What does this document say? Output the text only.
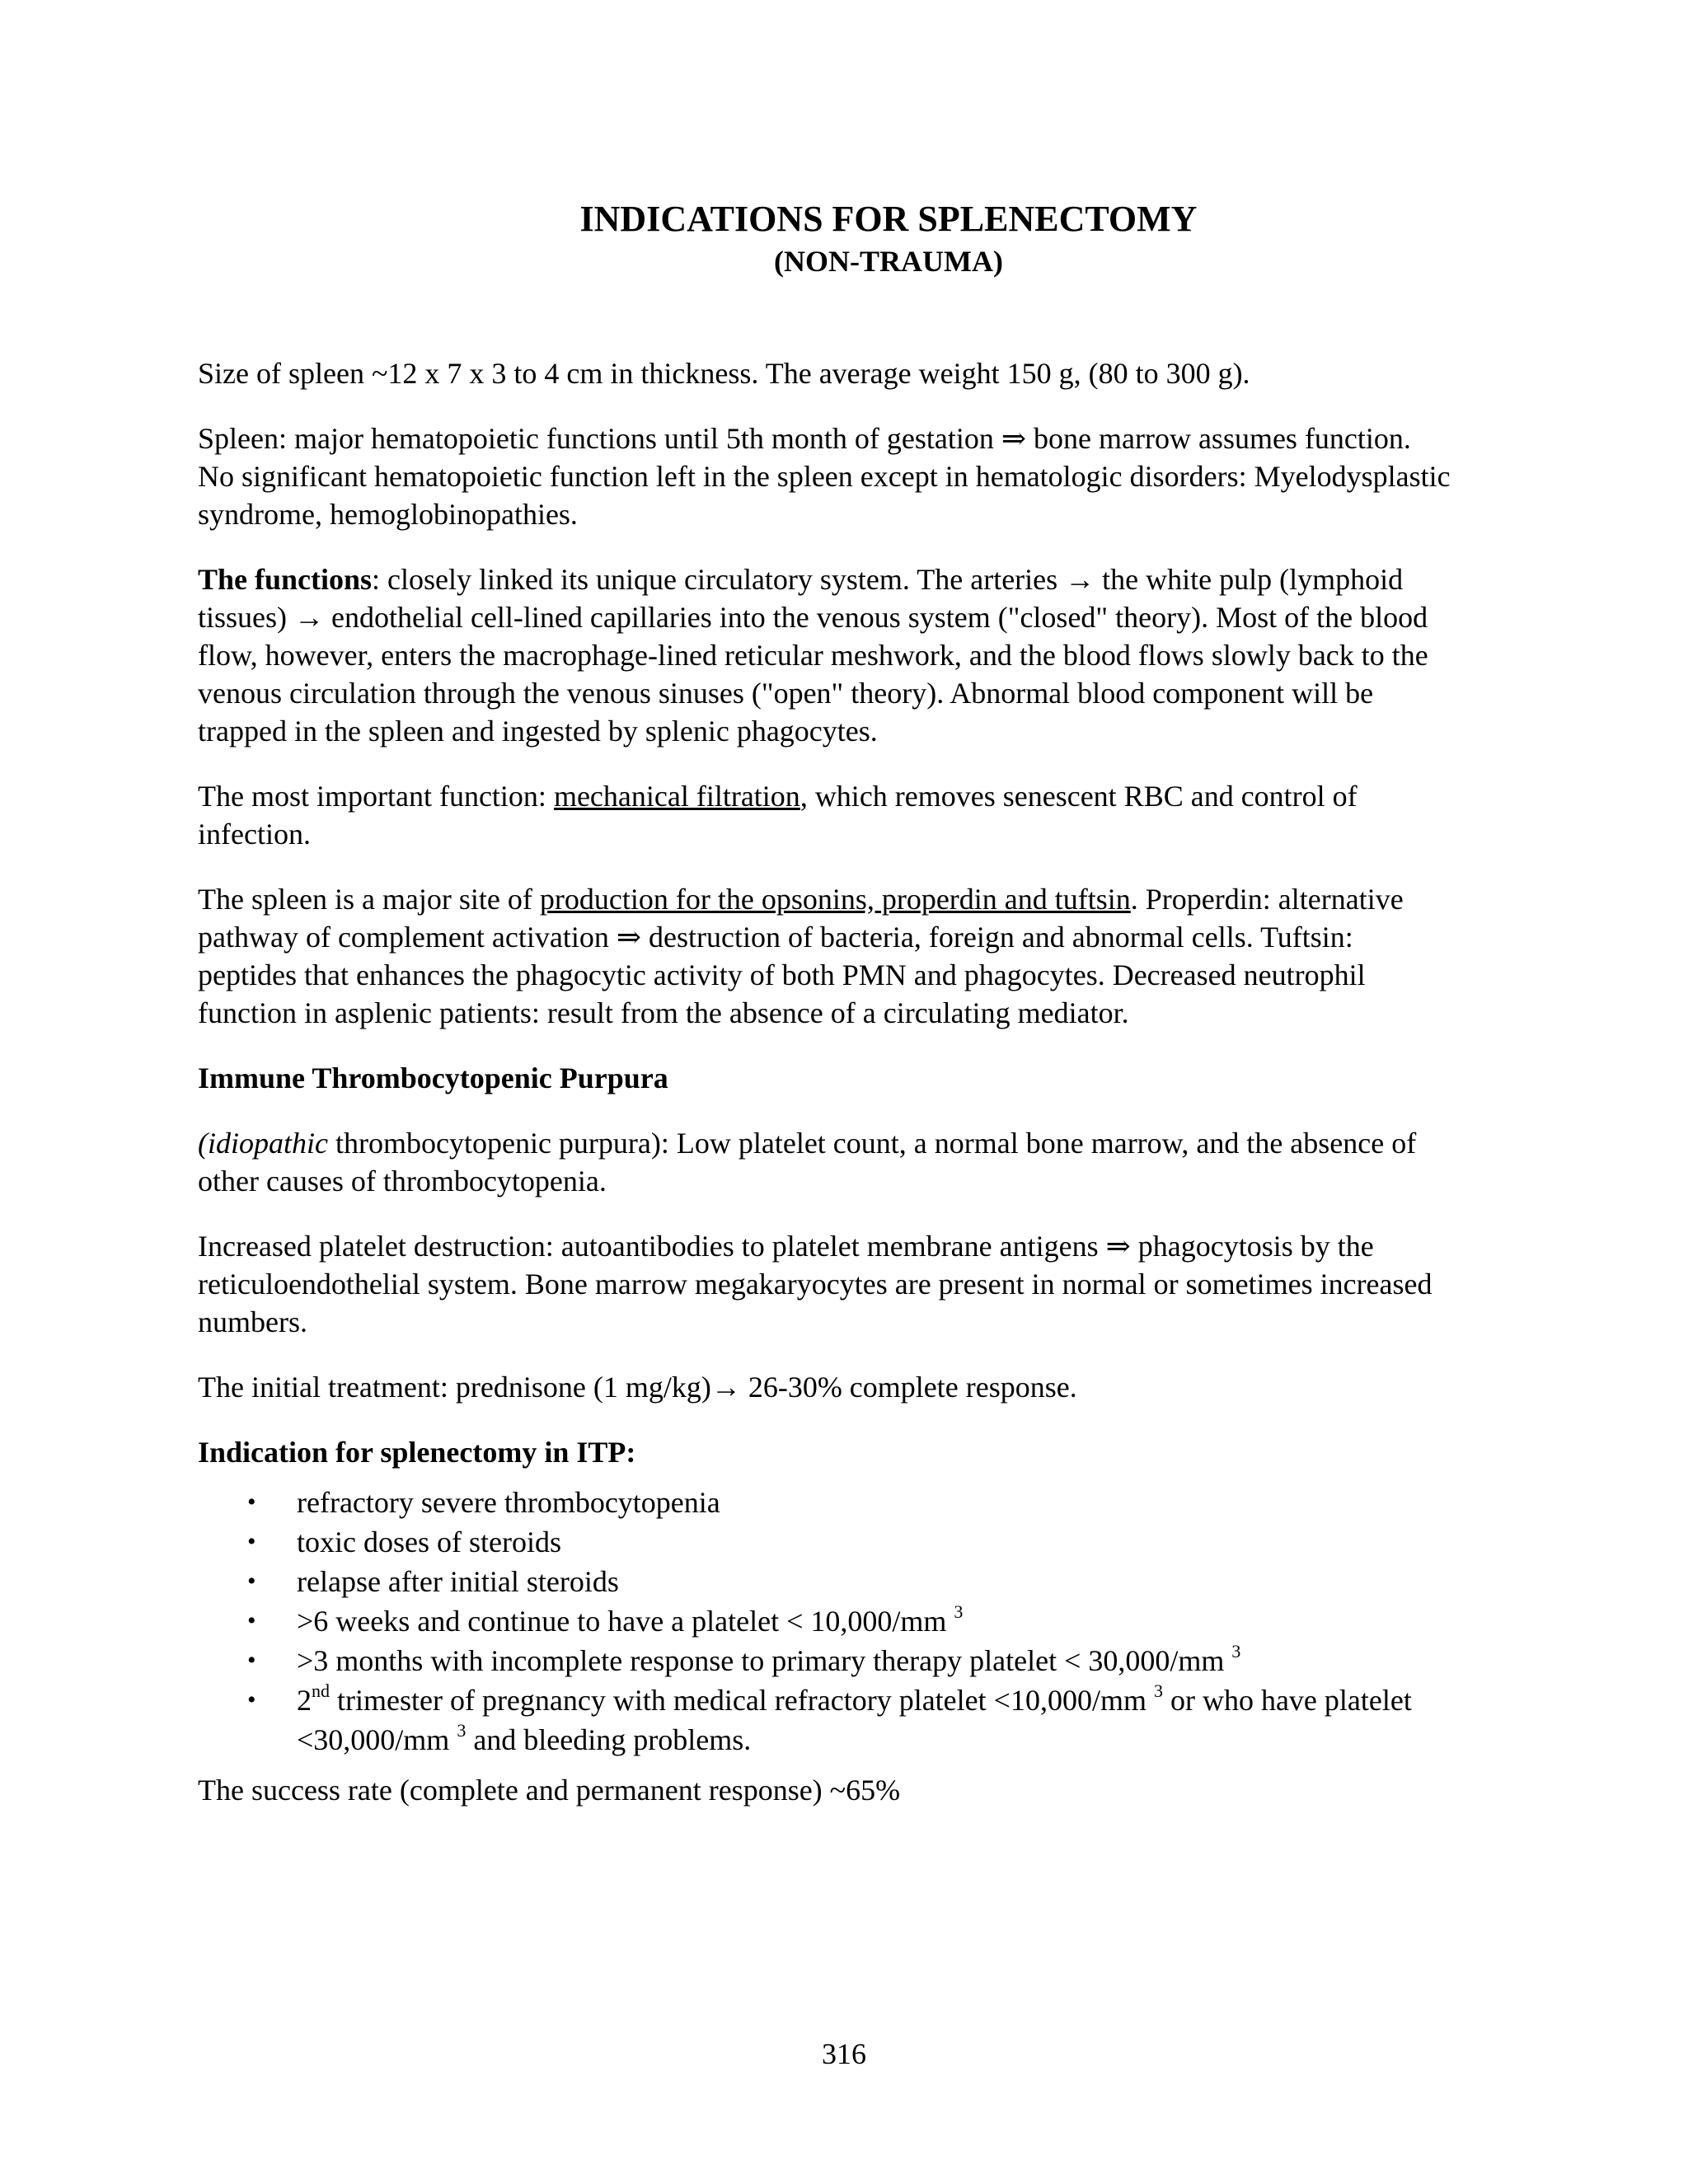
INDICATIONS FOR SPLENECTOMY
(NON-TRAUMA)

Size of spleen ~12 x 7 x 3 to 4 cm in thickness. The average weight 150 g, (80 to 300 g).

Spleen: major hematopoietic functions until 5th month of gestation ⇒ bone marrow assumes function. No significant hematopoietic function left in the spleen except in hematologic disorders: Myelodysplastic syndrome, hemoglobinopathies.

The functions: closely linked its unique circulatory system. The arteries → the white pulp (lymphoid tissues) → endothelial cell-lined capillaries into the venous system ("closed" theory). Most of the blood flow, however, enters the macrophage-lined reticular meshwork, and the blood flows slowly back to the venous circulation through the venous sinuses ("open" theory). Abnormal blood component will be trapped in the spleen and ingested by splenic phagocytes.

The most important function: mechanical filtration, which removes senescent RBC and control of infection.

The spleen is a major site of production for the opsonins, properdin and tuftsin. Properdin: alternative pathway of complement activation ⇒ destruction of bacteria, foreign and abnormal cells. Tuftsin: peptides that enhances the phagocytic activity of both PMN and phagocytes. Decreased neutrophil function in asplenic patients: result from the absence of a circulating mediator.

Immune Thrombocytopenic Purpura

(idiopathic thrombocytopenic purpura): Low platelet count, a normal bone marrow, and the absence of other causes of thrombocytopenia.

Increased platelet destruction: autoantibodies to platelet membrane antigens ⇒ phagocytosis by the reticuloendothelial system. Bone marrow megakaryocytes are present in normal or sometimes increased numbers.

The initial treatment: prednisone (1 mg/kg)→ 26-30% complete response.

Indication for splenectomy in ITP:
• refractory severe thrombocytopenia
• toxic doses of steroids
• relapse after initial steroids
• >6 weeks and continue to have a platelet < 10,000/mm $^3$
• >3 months with incomplete response to primary therapy platelet < 30,000/mm $^3$
• 2nd trimester of pregnancy with medical refractory platelet <10,000/mm $^3$ or who have platelet <30,000/mm $^3$ and bleeding problems.

The success rate (complete and permanent response) ~65%

316
